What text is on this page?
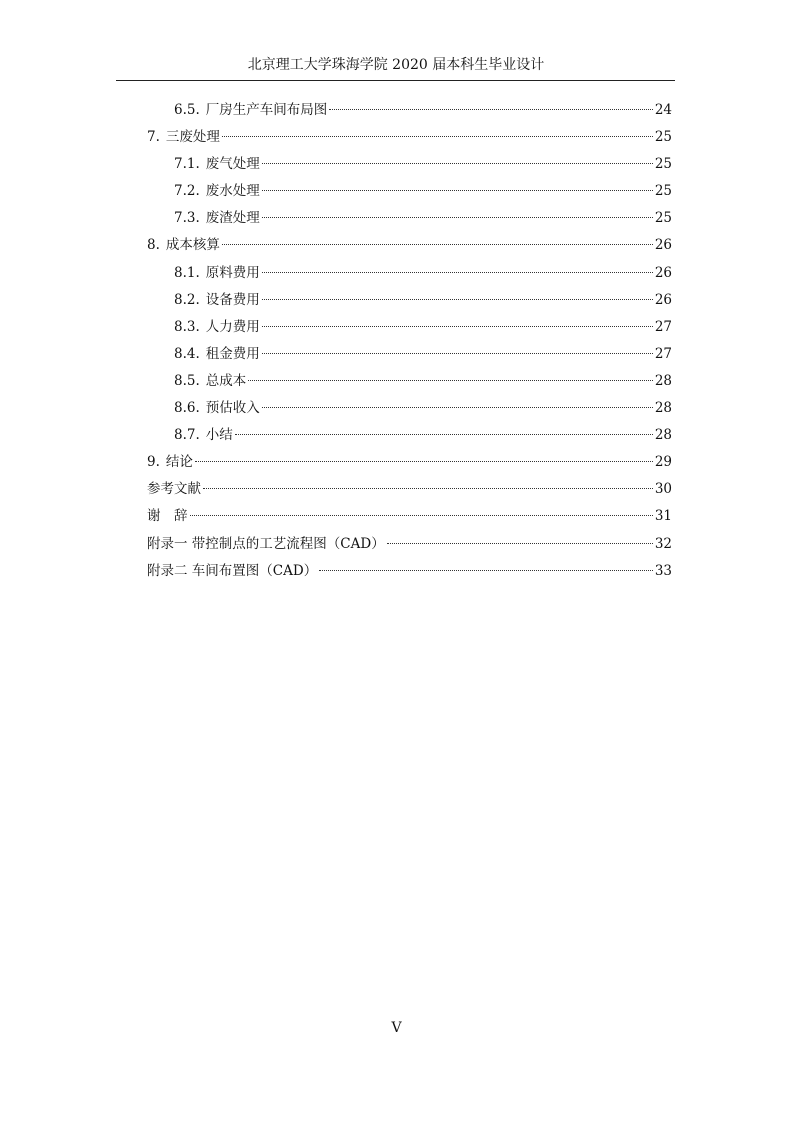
北京理工大学珠海学院 2020 届本科生毕业设计
6.5. 厂房生产车间布局图	24
7. 三废处理	25
7.1. 废气处理	25
7.2. 废水处理	25
7.3. 废渣处理	25
8. 成本核算	26
8.1. 原料费用	26
8.2. 设备费用	26
8.3. 人力费用	27
8.4. 租金费用	27
8.5. 总成本	28
8.6. 预估收入	28
8.7. 小结	28
9. 结论	29
参考文献	30
谢　辞	31
附录一 带控制点的工艺流程图（CAD）	32
附录二 车间布置图（CAD）	33
V
